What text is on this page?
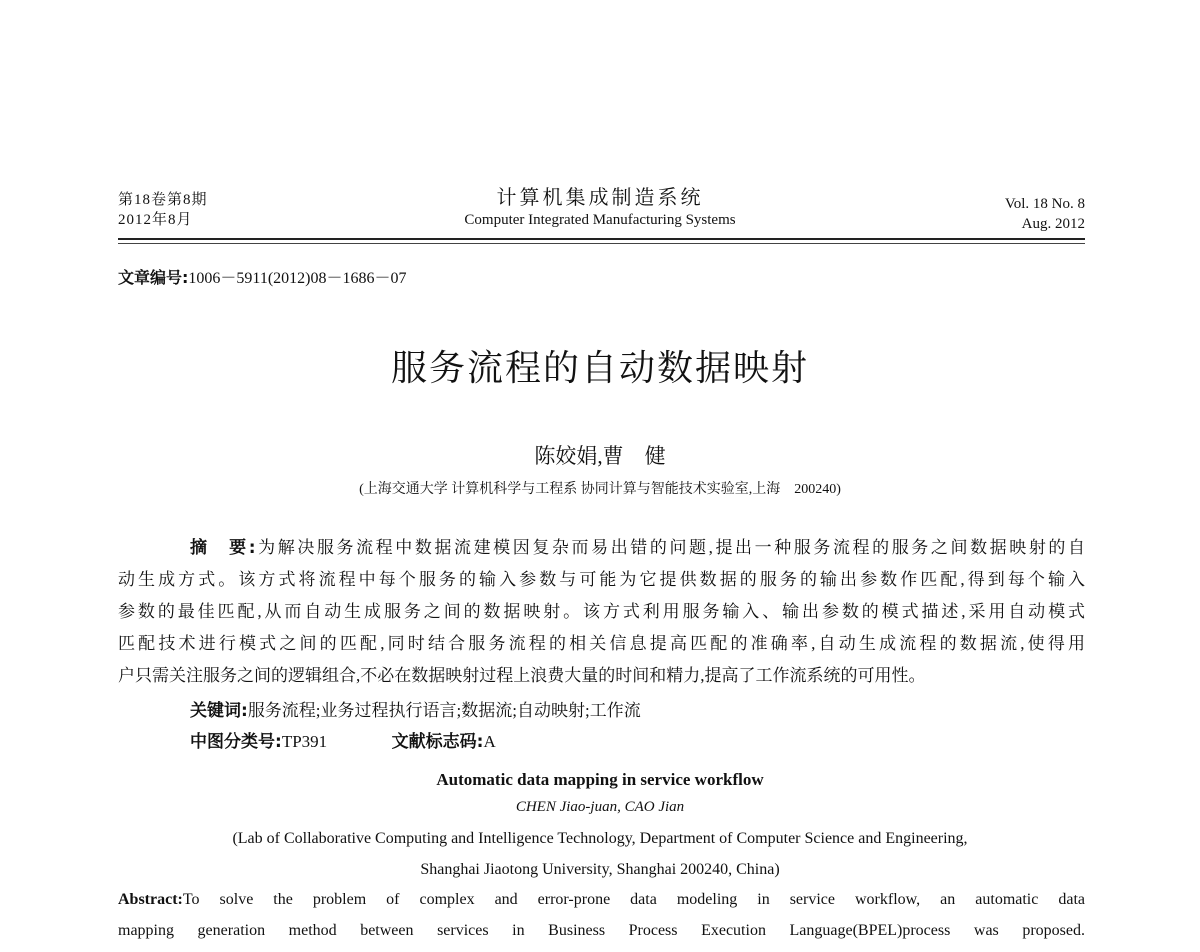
第18卷第8期
2012年8月
计算机集成制造系统
Computer Integrated Manufacturing Systems
Vol. 18 No. 8
Aug. 2012
文章编号:1006－5911(2012)08－1686－07
服务流程的自动数据映射
陈姣娟,曹　健
(上海交通大学 计算机科学与工程系 协同计算与智能技术实验室,上海　200240)
摘　要:为解决服务流程中数据流建模因复杂而易出错的问题,提出一种服务流程的服务之间数据映射的自
动生成方式。该方式将流程中每个服务的输入参数与可能为它提供数据的服务的输出参数作匹配,得到每个输入
参数的最佳匹配,从而自动生成服务之间的数据映射。该方式利用服务输入、输出参数的模式描述,采用自动模式
匹配技术进行模式之间的匹配,同时结合服务流程的相关信息提高匹配的准确率,自动生成流程的数据流,使得用
户只需关注服务之间的逻辑组合,不必在数据映射过程上浪费大量的时间和精力,提高了工作流系统的可用性。
关键词:服务流程;业务过程执行语言;数据流;自动映射;工作流
中图分类号:TP391	文献标志码:A
Automatic data mapping in service workflow
CHEN Jiao-juan, CAO Jian
(Lab of Collaborative Computing and Intelligence Technology, Department of Computer Science and Engineering,
Shanghai Jiaotong University, Shanghai 200240, China)
Abstract:To solve the problem of complex and error-prone data modeling in service workflow, an automatic data
mapping generation method between services in Business Process Execution Language(BPEL)process was proposed.
